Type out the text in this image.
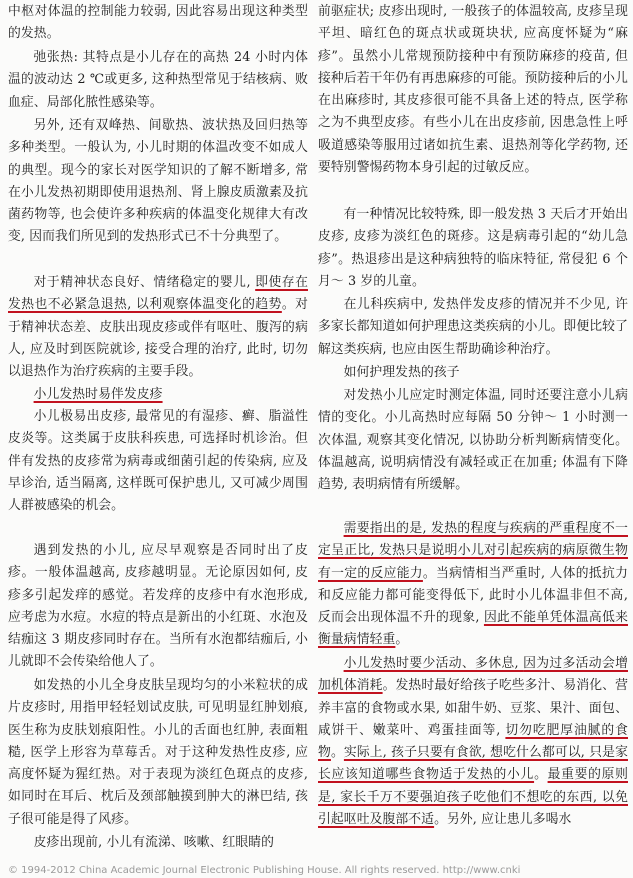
中枢对体温的控制能力较弱, 因此容易出现这种类型的发热。

弛张热: 其特点是小儿存在的高热 24 小时内体温的波动达 2 ℃或更多, 这种热型常见于结核病、败血症、局部化脓性感染等。

另外, 还有双峰热、间歇热、波状热及回归热等多种类型。一般认为, 小儿时期的体温改变不如成人的典型。现今的家长对医学知识的了解不断增多, 常在小儿发热初期即使用退热剂、肾上腺皮质激素及抗菌药物等, 也会使许多种疾病的体温变化规律大有改变, 因而我们所见到的发热形式已不十分典型了。

对于精神状态良好、情绪稳定的婴儿, 即使存在发热也不必紧急退热, 以利观察体温变化的趋势。对于精神状态差、皮肤出现皮疹或伴有呕吐、腹泻的病人, 应及时到医院就诊, 接受合理的治疗, 此时, 切勿以退热作为治疗疾病的主要手段。

小儿发热时易伴发皮疹

小儿极易出皮疹, 最常见的有湿疹、癣、脂溢性皮炎等。这类属于皮肤科疾患, 可选择时机诊治。但伴有发热的皮疹常为病毒或细菌引起的传染病, 应及早诊治, 适当隔离, 这样既可保护患儿, 又可减少周围人群被感染的机会。

遇到发热的小儿, 应尽早观察是否同时出了皮疹。一般体温越高, 皮疹越明显。无论原因如何, 皮疹多引起发痒的感觉。若发痒的皮疹中有水泡形成, 应考虑为水痘。水痘的特点是新出的小红斑、水泡及结痂这 3 期皮疹同时存在。当所有水泡都结痂后, 小儿就即不会传染给他人了。

如发热的小儿全身皮肤呈现均匀的小米粒状的成片皮疹时, 用指甲轻轻划试皮肤, 可见明显红肿划痕, 医生称为皮肤划痕阳性。小儿的舌面也红肿, 表面粗糙, 医学上形容为草莓舌。对于这种发热性皮疹, 应高度怀疑为猩红热。对于表现为淡红色斑点的皮疹, 如同时在耳后、枕后及颈部触摸到肿大的淋巴结, 孩子很可能是得了风疹。

皮疹出现前, 小儿有流涕、咳嗽、红眼睛的

前驱症状; 皮疹出现时, 一般孩子的体温较高, 皮疹呈现平坦、暗红色的斑点状或斑块状, 应高度怀疑为“麻疹”。虽然小儿常规预防接种中有预防麻疹的疫苗, 但接种后若干年仍有再患麻疹的可能。预防接种后的小儿在出麻疹时, 其皮疹很可能不具备上述的特点, 医学称之为不典型皮疹。有些小儿在出皮疹前, 因患急性上呼吸道感染等服用过诸如抗生素、退热剂等化学药物, 还要特别警惕药物本身引起的过敏反应。

有一种情况比较特殊, 即一般发热 3 天后才开始出皮疹, 皮疹为淡红色的斑疹。这是病毒引起的“幼儿急疹”。热退疹出是这种病独特的临床特征, 常侵犯 6 个月～ 3 岁的儿童。

在儿科疾病中, 发热伴发皮疹的情况并不少见, 许多家长都知道如何护理患这类疾病的小儿。即便比较了解这类疾病, 也应由医生帮助确诊种治疗。

如何护理发热的孩子

对发热小儿应定时测定体温, 同时还要注意小儿病情的变化。小儿高热时应每隔 50 分钟～ 1 小时测一次体温, 观察其变化情况, 以协助分析判断病情变化。体温越高, 说明病情没有减轻或正在加重; 体温有下降趋势, 表明病情有所缓解。

需要指出的是, 发热的程度与疾病的严重程度不一定呈正比, 发热只是说明小儿对引起疾病的病原微生物有一定的反应能力。当病情相当严重时, 人体的抵抗力和反应能力都可能变得低下, 此时小儿体温非但不高, 反而会出现体温不升的现象, 因此不能单凭体温高低来衡量病情轻重。

小儿发热时要少活动、多休息, 因为过多活动会增加机体消耗。发热时最好给孩子吃些多汁、易消化、营养丰富的食物或水果, 如甜牛奶、豆浆、果汁、面包、咸饼干、嫩菜叶、鸡蛋挂面等, 切勿吃肥厚油腻的食物。实际上, 孩子只要有食欲, 想吃什么都可以, 只是家长应该知道哪些食物适于发热的小儿。最重要的原则是, 家长千万不要强迫孩子吃他们不想吃的东西, 以免引起呕吐及腹部不适。另外, 应让患儿多喝水

© 1994-2012 China Academic Journal Electronic Publishing House. All rights reserved. http://www.cnki
